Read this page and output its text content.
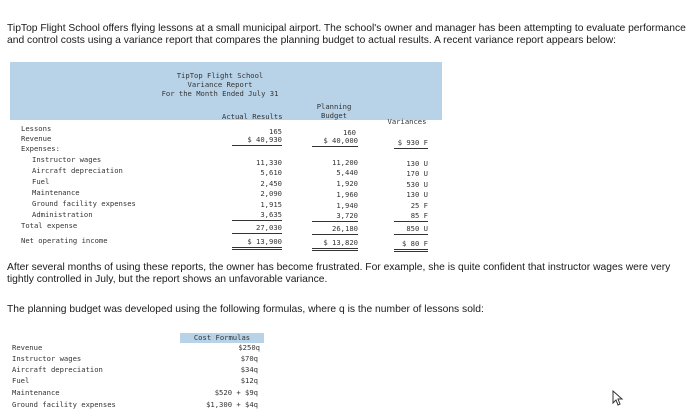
TipTop Flight School offers flying lessons at a small municipal airport. The school's owner and manager has been attempting to evaluate performance and control costs using a variance report that compares the planning budget to actual results. A recent variance report appears below:
TipTop Flight School
Variance Report
For the Month Ended July 31
Actual Results
Planning
Budget
Variances
Lessons	165	160
Revenue	$ 40,930	$ 40,000	$ 930 F
Expenses:
Instructor wages	11,330	11,200	130 U
Aircraft depreciation	5,610	5,440	170 U
Fuel	2,450	1,920	530 U
Maintenance	2,090	1,960	130 U
Ground facility expenses	1,915	1,940	25 F
Administration	3,635	3,720	85 F
Total expense	27,030	26,180	850 U
Net operating income	$ 13,900	$ 13,820	$ 80 F
After several months of using these reports, the owner has become frustrated. For example, she is quite confident that instructor wages were very tightly controlled in July, but the report shows an unfavorable variance.
The planning budget was developed using the following formulas, where q is the number of lessons sold:
Cost Formulas
Revenue	$250q
Instructor wages	$70q
Aircraft depreciation	$34q
Fuel	$12q
Maintenance	$520 + $9q
Ground facility expenses	$1,300 + $4q
